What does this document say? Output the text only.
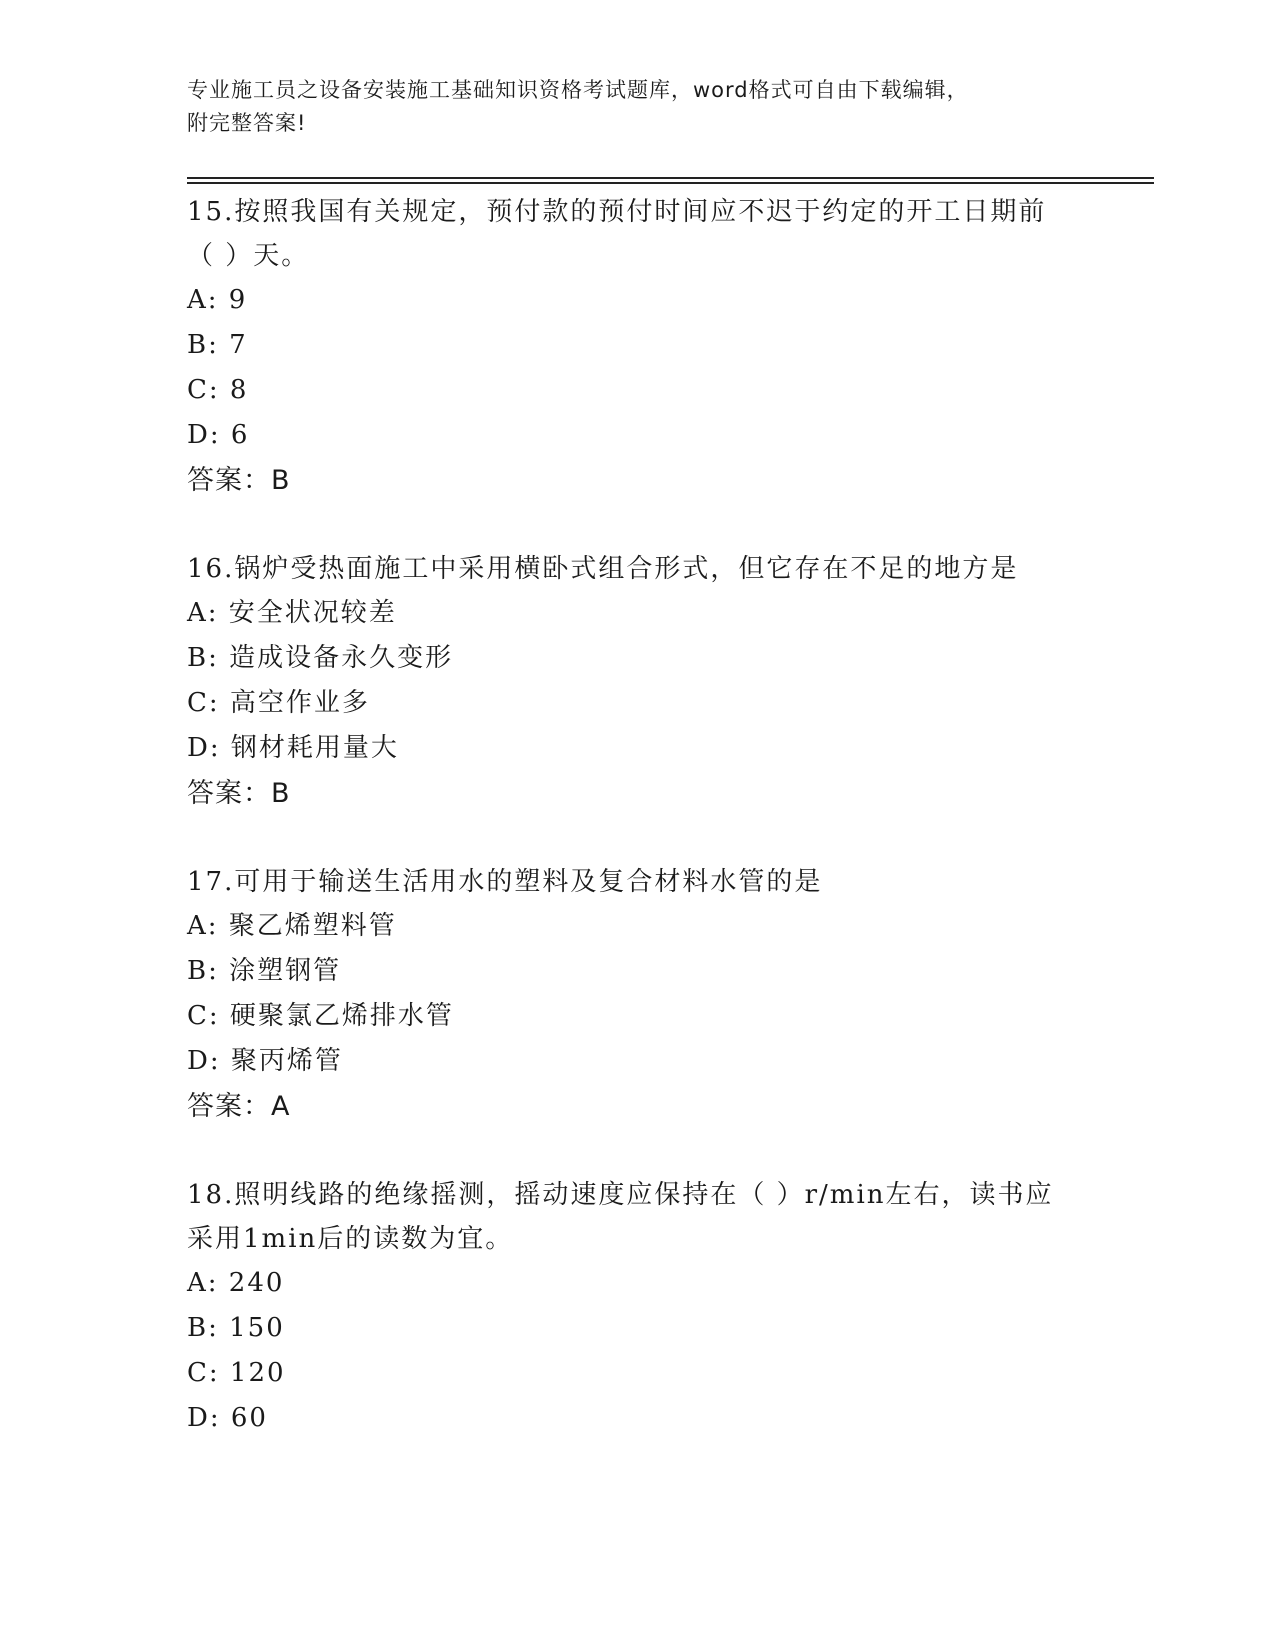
专业施工员之设备安装施工基础知识资格考试题库，word格式可自由下载编辑，
附完整答案!
15.按照我国有关规定，预付款的预付时间应不迟于约定的开工日期前
（ ）天。
A: 9
B: 7
C: 8
D: 6
答案：B
16.锅炉受热面施工中采用横卧式组合形式，但它存在不足的地方是
A: 安全状况较差
B: 造成设备永久变形
C: 高空作业多
D: 钢材耗用量大
答案：B
17.可用于输送生活用水的塑料及复合材料水管的是
A: 聚乙烯塑料管
B: 涂塑钢管
C: 硬聚氯乙烯排水管
D: 聚丙烯管
答案：A
18.照明线路的绝缘摇测，摇动速度应保持在（ ）r/min左右，读书应
采用1min后的读数为宜。
A: 240
B: 150
C: 120
D: 60
